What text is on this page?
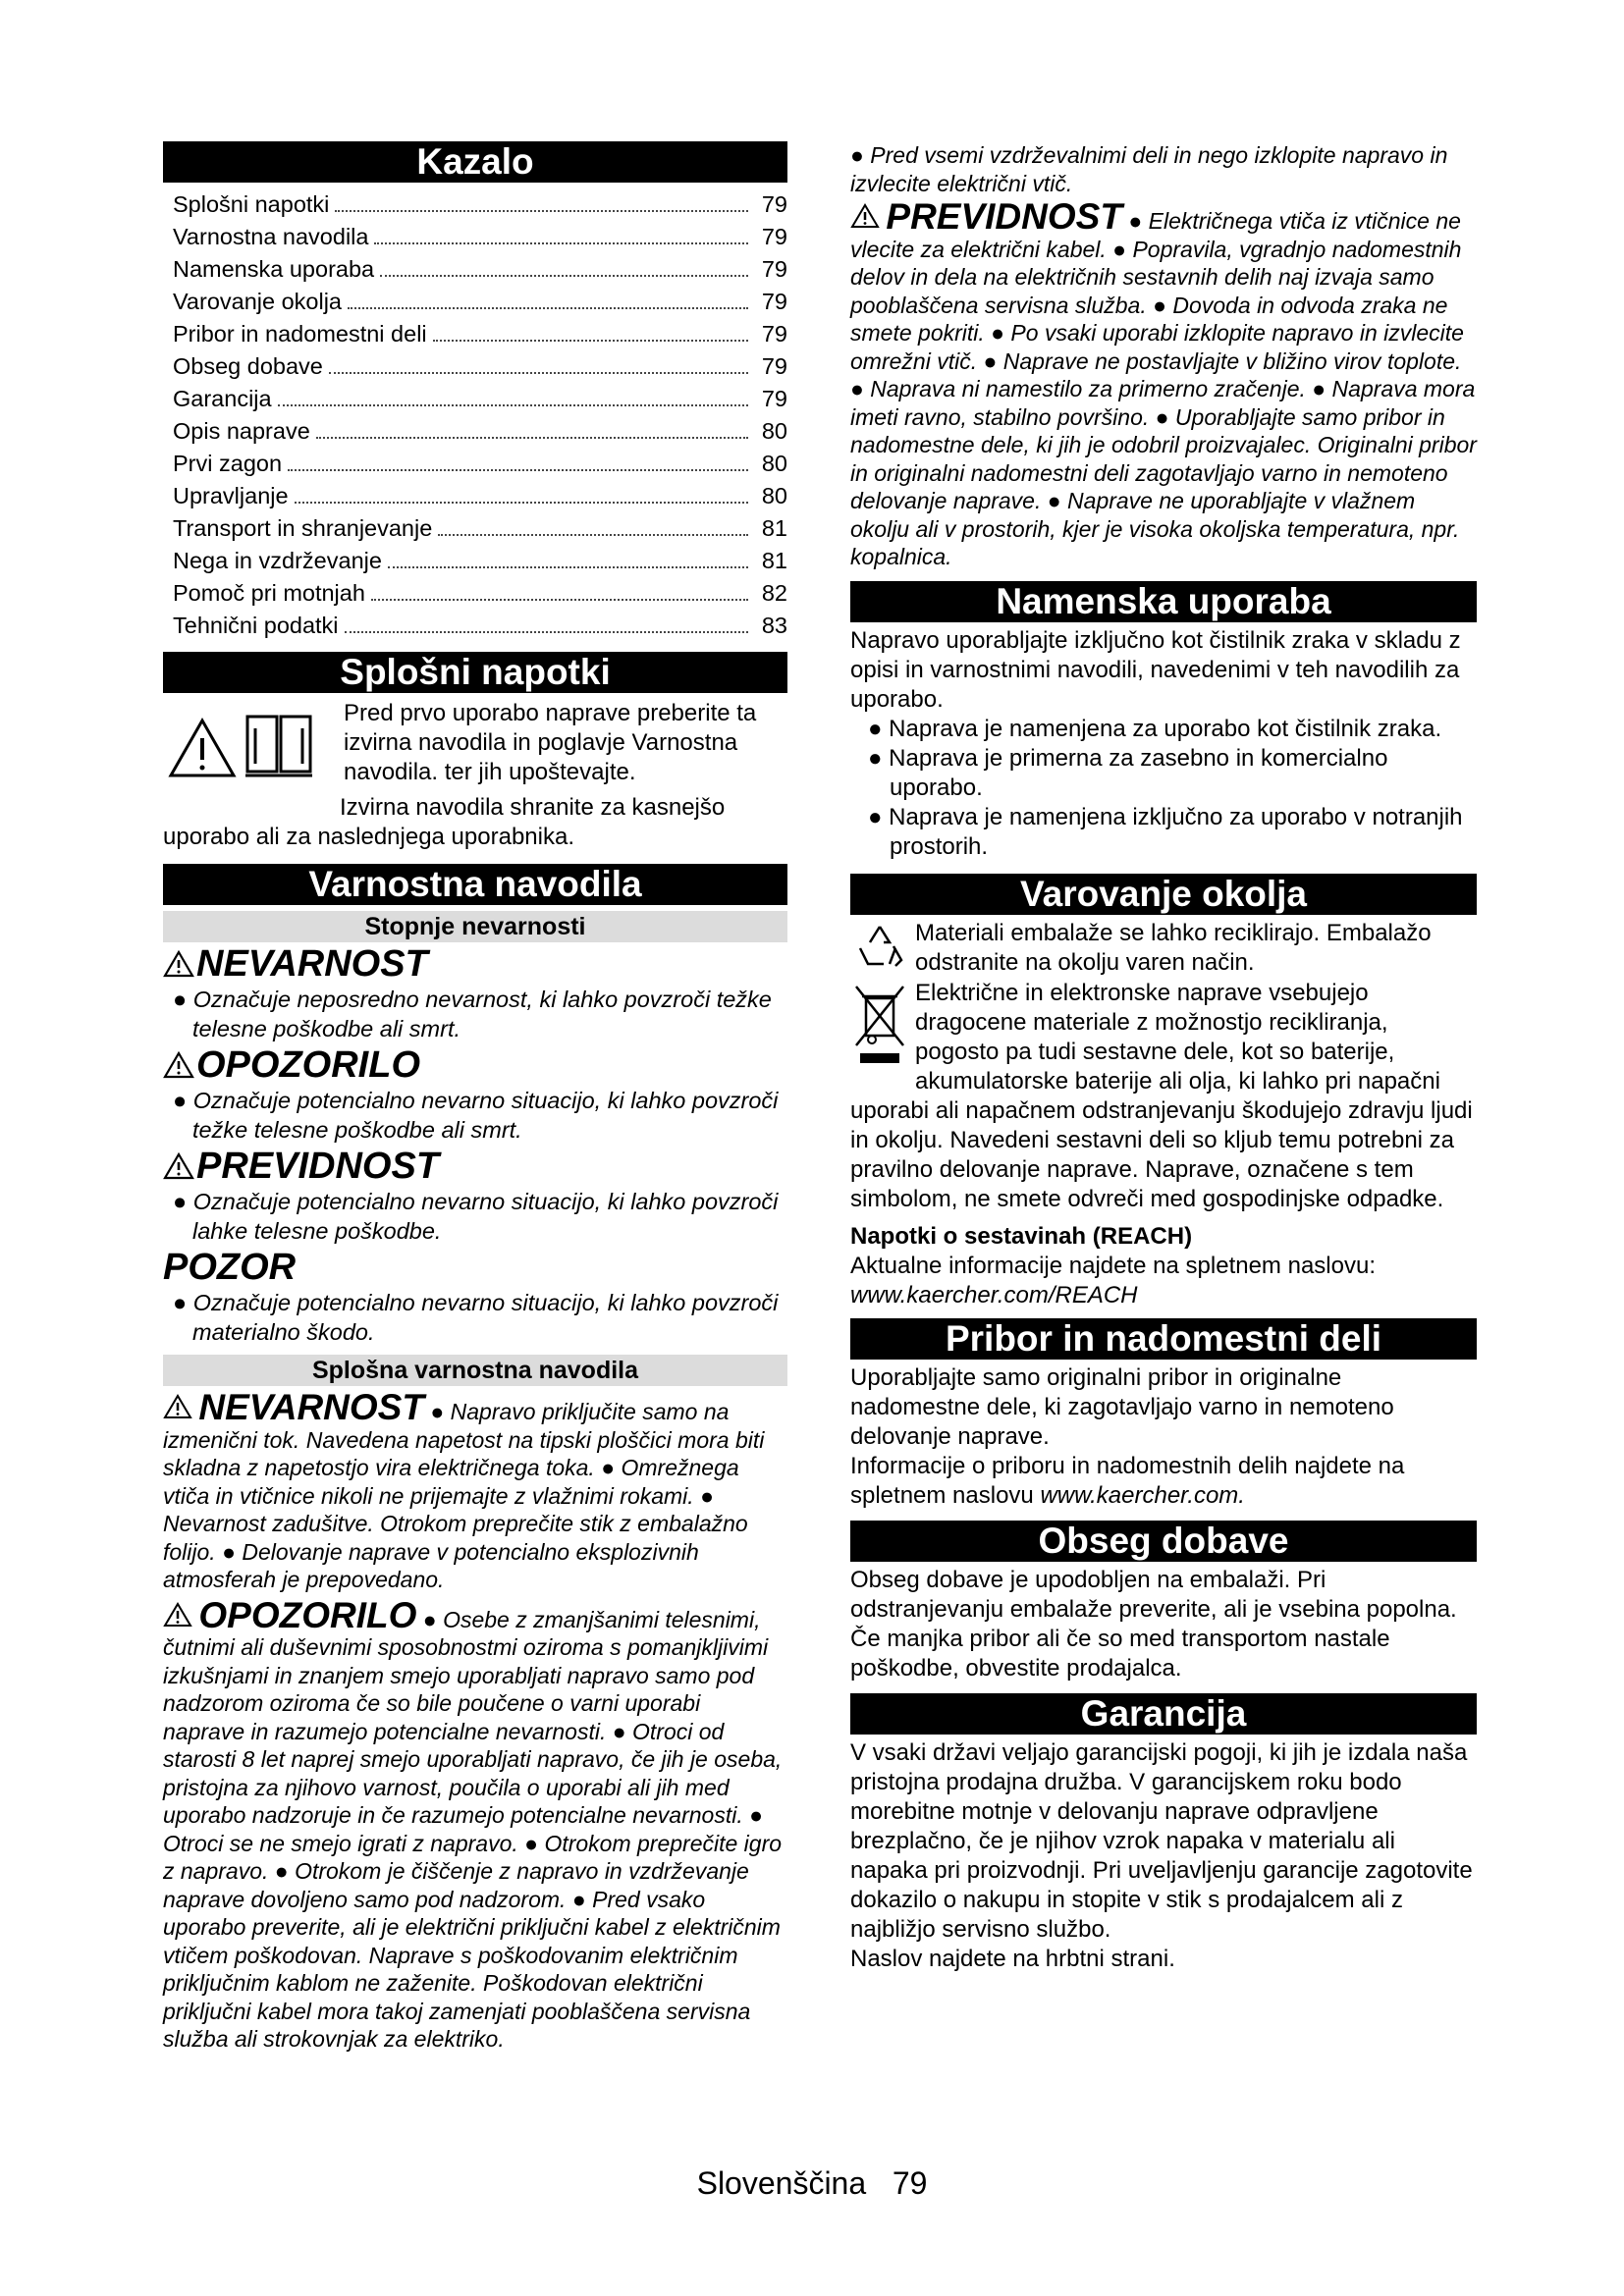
Kazalo
Splošni napotki	79
Varnostna navodila	79
Namenska uporaba	79
Varovanje okolja	79
Pribor in nadomestni deli	79
Obseg dobave	79
Garancija	79
Opis naprave	80
Prvi zagon	80
Upravljanje	80
Transport in shranjevanje	81
Nega in vzdrževanje	81
Pomoč pri motnjah	82
Tehnični podatki	83
Splošni napotki

Pred prvo uporabo naprave preberite ta izvirna navodila in poglavje Varnostna navodila. ter jih upoštevajte.

Izvirna navodila shranite za kasnejšo uporabo ali za naslednjega uporabnika.

Varnostna navodila
Stopnje nevarnosti
NEVARNOST

● Označuje neposredno nevarnost, ki lahko povzroči težke telesne poškodbe ali smrt.

OPOZORILO

● Označuje potencialno nevarno situacijo, ki lahko povzroči težke telesne poškodbe ali smrt.

PREVIDNOST

● Označuje potencialno nevarno situacijo, ki lahko povzroči lahke telesne poškodbe.

POZOR

● Označuje potencialno nevarno situacijo, ki lahko povzroči materialno škodo.

Splošna varnostna navodila

NEVARNOST ● Napravo priključite samo na izmenični tok. Navedena napetost na tipski ploščici mora biti skladna z napetostjo vira električnega toka. ● Omrežnega vtiča in vtičnice nikoli ne prijemajte z vlažnimi rokami. ● Nevarnost zadušitve. Otrokom preprečite stik z embalažno folijo. ● Delovanje naprave v potencialno eksplozivnih atmosferah je prepovedano.

OPOZORILO ● Osebe z zmanjšanimi telesnimi, čutnimi ali duševnimi sposobnostmi oziroma s pomanjkljivimi izkušnjami in znanjem smejo uporabljati napravo samo pod nadzorom oziroma če so bile poučene o varni uporabi naprave in razumejo potencialne nevarnosti. ● Otroci od starosti 8 let naprej smejo uporabljati napravo, če jih je oseba, pristojna za njihovo varnost, poučila o uporabi ali jih med uporabo nadzoruje in če razumejo potencialne nevarnosti. ● Otroci se ne smejo igrati z napravo. ● Otrokom preprečite igro z napravo. ● Otrokom je čiščenje z napravo in vzdrževanje naprave dovoljeno samo pod nadzorom. ● Pred vsako uporabo preverite, ali je električni priključni kabel z električnim vtičem poškodovan. Naprave s poškodovanim električnim priključnim kablom ne zaženite. Poškodovan električni priključni kabel mora takoj zamenjati pooblaščena servisna služba ali strokovnjak za elektriko.

● Pred vsemi vzdrževalnimi deli in nego izklopite napravo in izvlecite električni vtič.

PREVIDNOST ● Električnega vtiča iz vtičnice ne vlecite za električni kabel. ● Popravila, vgradnjo nadomestnih delov in dela na električnih sestavnih delih naj izvaja samo pooblaščena servisna služba. ● Dovoda in odvoda zraka ne smete pokriti. ● Po vsaki uporabi izklopite napravo in izvlecite omrežni vtič. ● Naprave ne postavljajte v bližino virov toplote. ● Naprava ni namestilo za primerno zračenje. ● Naprava mora imeti ravno, stabilno površino. ● Uporabljajte samo pribor in nadomestne dele, ki jih je odobril proizvajalec. Originalni pribor in originalni nadomestni deli zagotavljajo varno in nemoteno delovanje naprave. ● Naprave ne uporabljajte v vlažnem okolju ali v prostorih, kjer je visoka okoljska temperatura, npr. kopalnica.

Namenska uporaba

Napravo uporabljajte izključno kot čistilnik zraka v skladu z opisi in varnostnimi navodili, navedenimi v teh navodilih za uporabo.

● Naprava je namenjena za uporabo kot čistilnik zraka.

● Naprava je primerna za zasebno in komercialno uporabo.

● Naprava je namenjena izključno za uporabo v notranjih prostorih.

Varovanje okolja

Materiali embalaže se lahko reciklirajo. Embalažo odstranite na okolju varen način.

Električne in elektronske naprave vsebujejo dragocene materiale z možnostjo recikliranja, pogosto pa tudi sestavne dele, kot so baterije, akumulatorske baterije ali olja, ki lahko pri napačni uporabi ali napačnem odstranjevanju škodujejo zdravju ljudi in okolju. Navedeni sestavni deli so kljub temu potrebni za pravilno delovanje naprave. Naprave, označene s tem simbolom, ne smete odvreči med gospodinjske odpadke.

Napotki o sestavinah (REACH)

Aktualne informacije najdete na spletnem naslovu:

www.kaercher.com/REACH

Pribor in nadomestni deli

Uporabljajte samo originalni pribor in originalne nadomestne dele, ki zagotavljajo varno in nemoteno delovanje naprave.

Informacije o priboru in nadomestnih delih najdete na spletnem naslovu www.kaercher.com.

Obseg dobave

Obseg dobave je upodobljen na embalaži. Pri odstranjevanju embalaže preverite, ali je vsebina popolna. Če manjka pribor ali če so med transportom nastale poškodbe, obvestite prodajalca.

Garancija

V vsaki državi veljajo garancijski pogoji, ki jih je izdala naša pristojna prodajna družba. V garancijskem roku bodo morebitne motnje v delovanju naprave odpravljene brezplačno, če je njihov vzrok napaka v materialu ali napaka pri proizvodnji. Pri uveljavljenju garancije zagotovite dokazilo o nakupu in stopite v stik s prodajalcem ali z najbližjo servisno službo.

Naslov najdete na hrbtni strani.

Slovenščina 79
